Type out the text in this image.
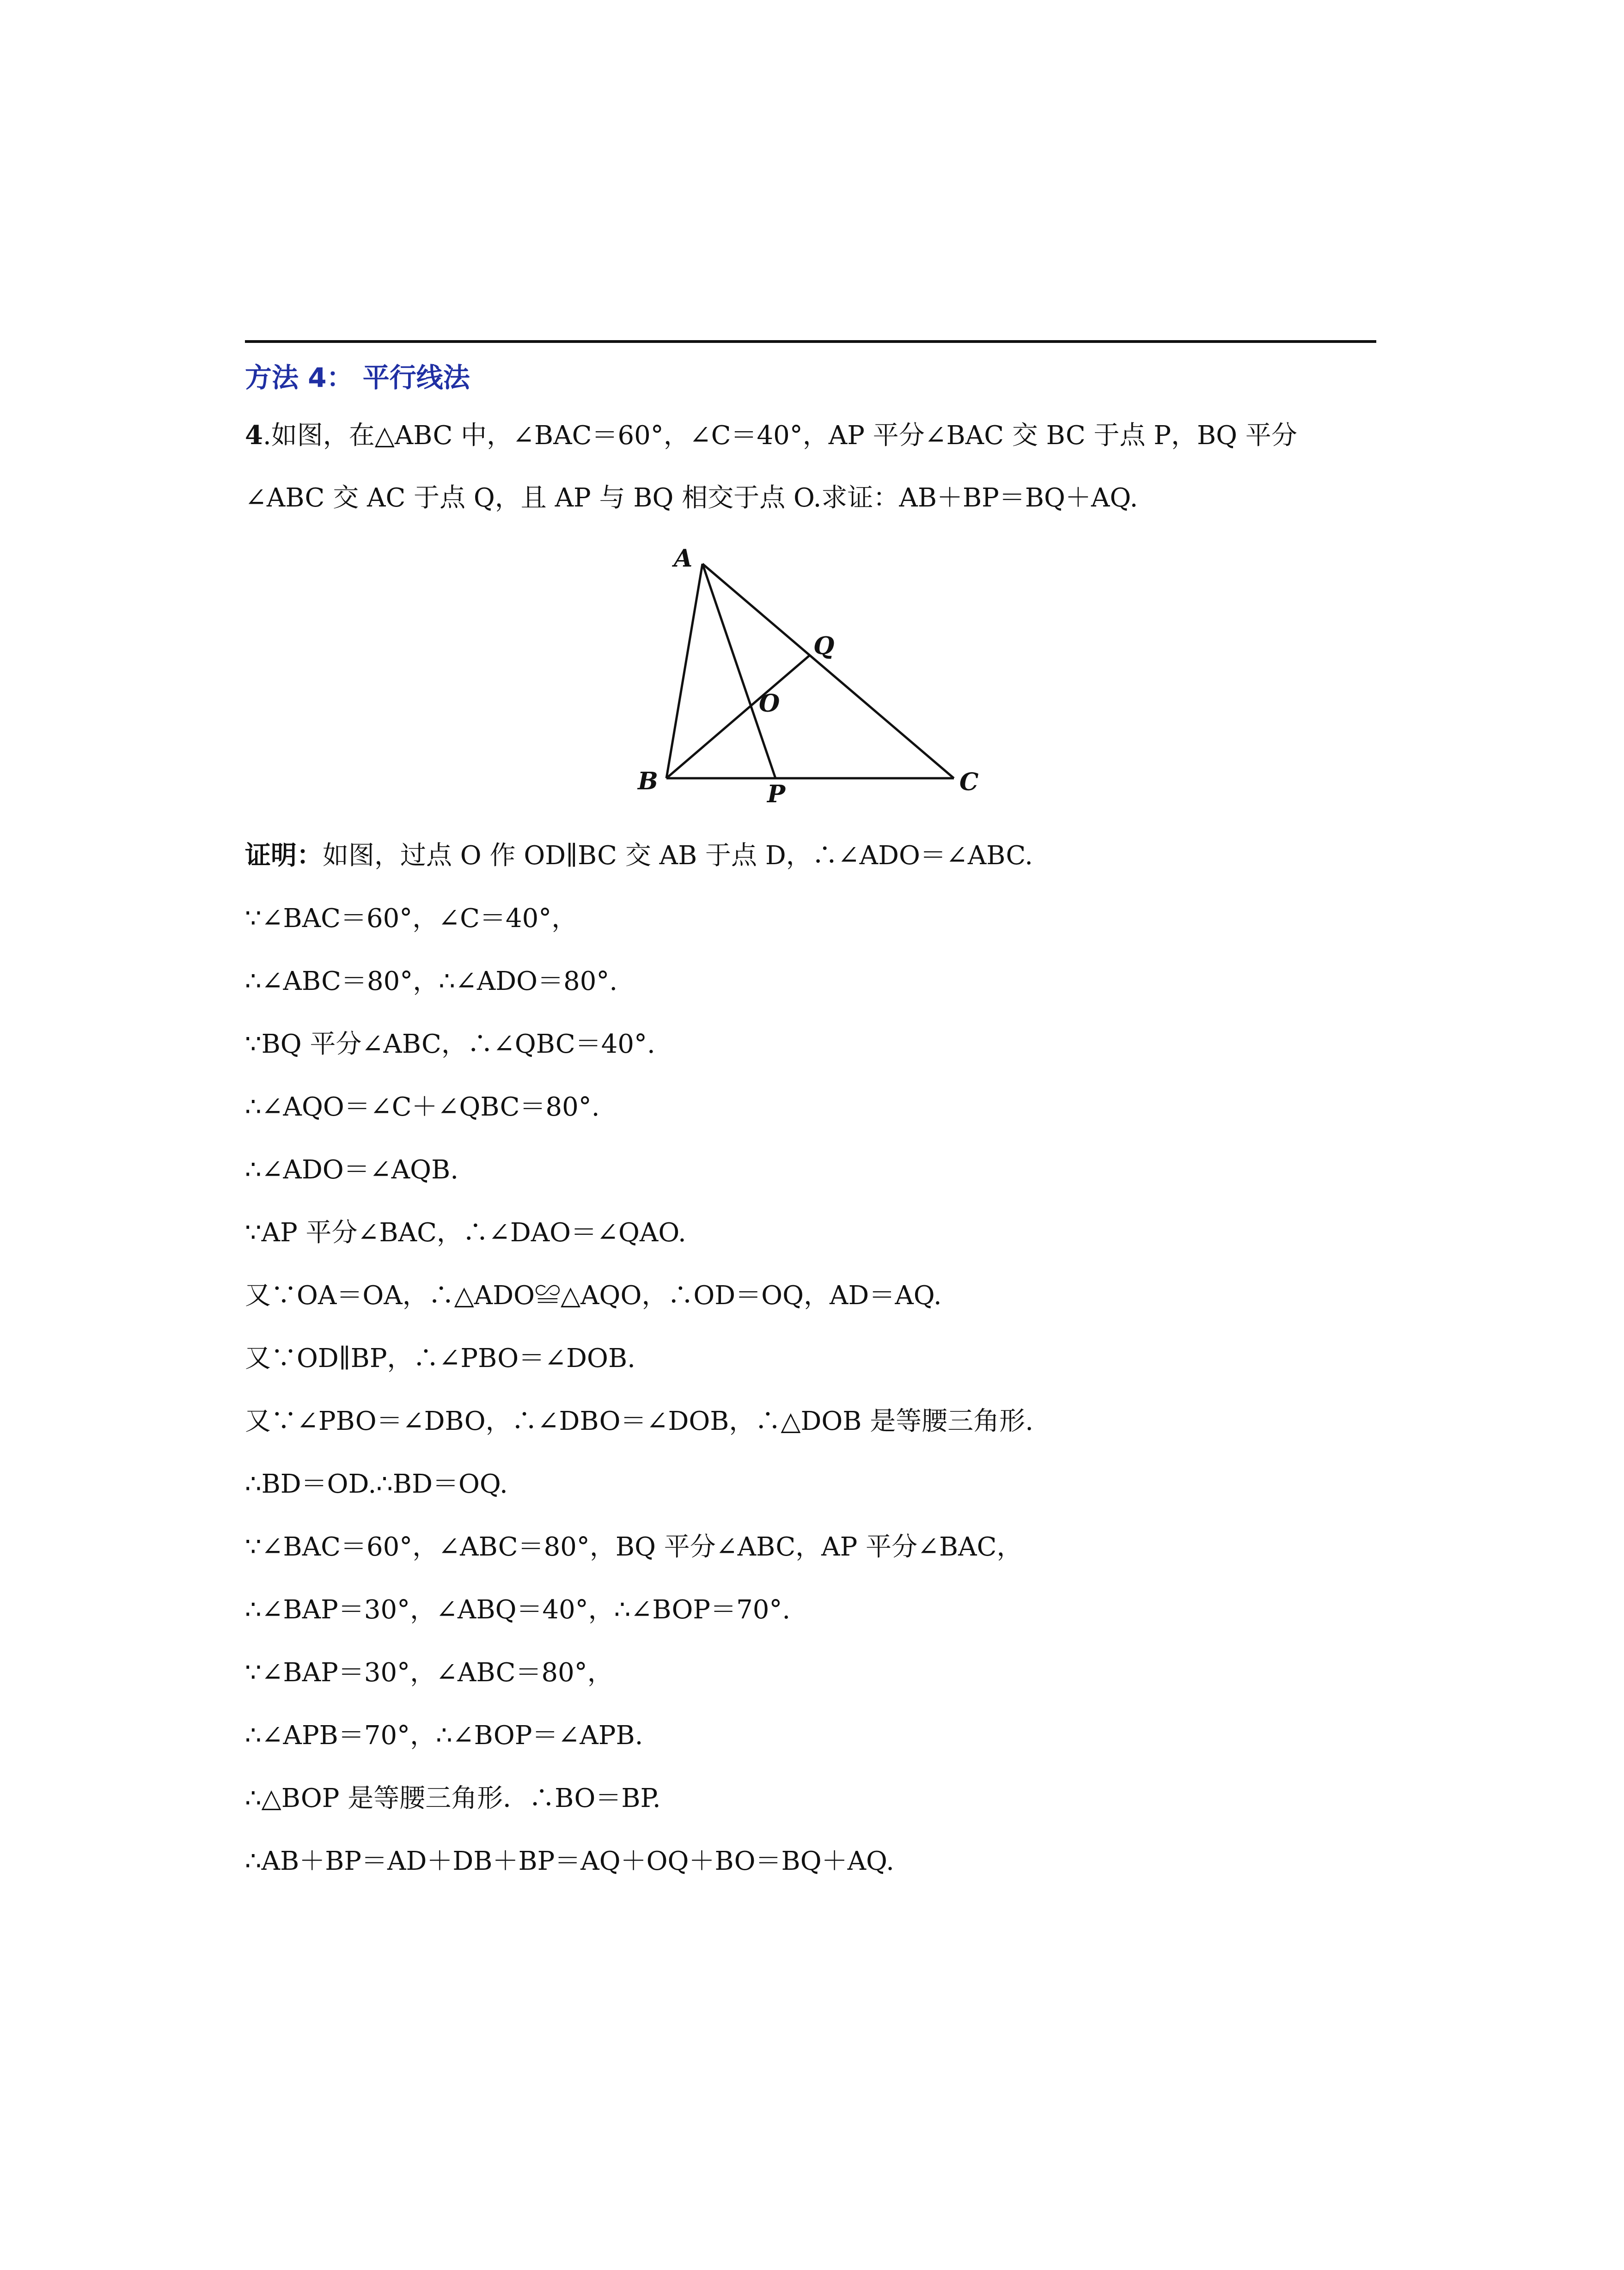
方法 4： 平行线法
4.如图，在△ABC 中，∠BAC＝60°，∠C＝40°，AP 平分∠BAC 交 BC 于点 P，BQ 平分
∠ABC 交 AC 于点 Q，且 AP 与 BQ 相交于点 O.求证：AB＋BP＝BQ＋AQ.
A
B	C
P
Q
O
证明：如图，过点 O 作 OD∥BC 交 AB 于点 D，∴∠ADO＝∠ABC.
∵∠BAC＝60°，∠C＝40°，
∴∠ABC＝80°，∴∠ADO＝80°.
∵BQ 平分∠ABC，∴∠QBC＝40°.
∴∠AQO＝∠C＋∠QBC＝80°.
∴∠ADO＝∠AQB.
∵AP 平分∠BAC，∴∠DAO＝∠QAO.
又∵OA＝OA，∴△ADO≌△AQO，∴OD＝OQ，AD＝AQ.
又∵OD∥BP，∴∠PBO＝∠DOB.
又∵∠PBO＝∠DBO，∴∠DBO＝∠DOB，∴△DOB 是等腰三角形.
∴BD＝OD.∴BD＝OQ.
∵∠BAC＝60°，∠ABC＝80°，BQ 平分∠ABC，AP 平分∠BAC，
∴∠BAP＝30°，∠ABQ＝40°，∴∠BOP＝70°.
∵∠BAP＝30°，∠ABC＝80°，
∴∠APB＝70°，∴∠BOP＝∠APB.
∴△BOP 是等腰三角形．∴BO＝BP.
∴AB＋BP＝AD＋DB＋BP＝AQ＋OQ＋BO＝BQ＋AQ.
